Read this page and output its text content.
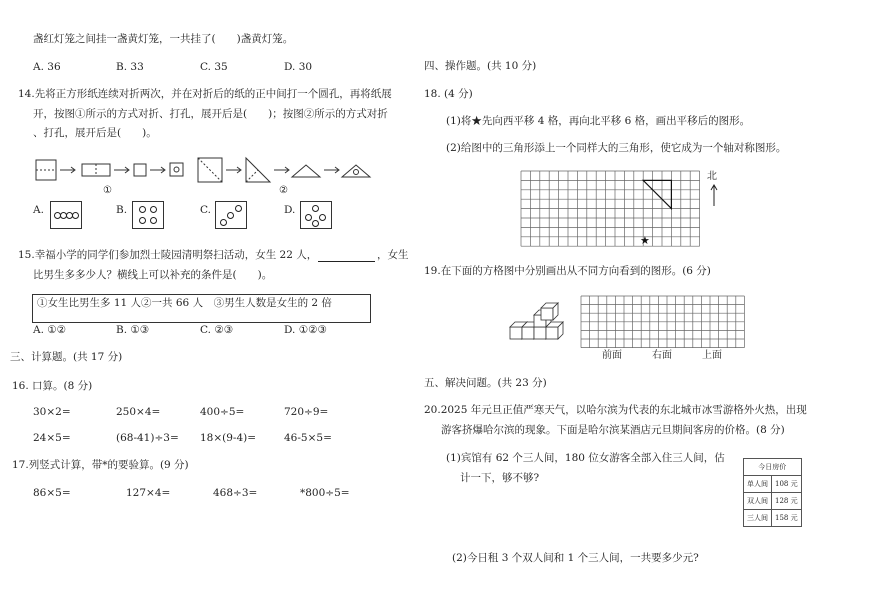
盏红灯笼之间挂一盏黄灯笼，一共挂了(　　)盏黄灯笼。
A. 36	B. 33	C. 35	D. 30
14.先将正方形纸连续对折两次，并在对折后的纸的正中间打一个圆孔，再将纸展
开，按图①所示的方式对折、打孔，展开后是(　　)；按图②所示的方式对折
、打孔，展开后是(　　)。
①	②
A.	B.	C.	D.
15.幸福小学的同学们参加烈士陵园清明祭扫活动，女生 22 人，	，女生
比男生多多少人？横线上可以补充的条件是(　　)。
①女生比男生多 11 人②一共 66 人　③男生人数是女生的 2 倍
A. ①②	B. ①③	C. ②③	D. ①②③
三、计算题。(共 17 分)
16. 口算。(8 分)
30×2=	250×4=	400÷5=	720÷9=
24×5=	(68-41)÷3= 18×(9-4)=	46-5×5=
17.列竖式计算，带*的要验算。(9 分)
86×5=	127×4=	468÷3=	*800÷5=
四、操作题。(共 10 分)
18. (4 分)
(1)将★先向西平移 4 格，再向北平移 6 格，画出平移后的图形。
(2)给图中的三角形添上一个同样大的三角形，使它成为一个轴对称图形。
★
北
19.在下面的方格图中分别画出从不同方向看到的图形。(6 分)
前面	右面	上面
五、解决问题。(共 23 分)
20.2025 年元旦正值严寒天气，以哈尔滨为代表的东北城市冰雪游格外火热，出现
游客挤爆哈尔滨的现象。下面是哈尔滨某酒店元旦期间客房的价格。(8 分)
(1)宾馆有 62 个三人间，180 位女游客全部入住三人间，估
计一下，够不够?
今日房价	
单人间	108 元
双人间	128 元
三人间	158 元
(2)今日租 3 个双人间和 1 个三人间，一共要多少元?
